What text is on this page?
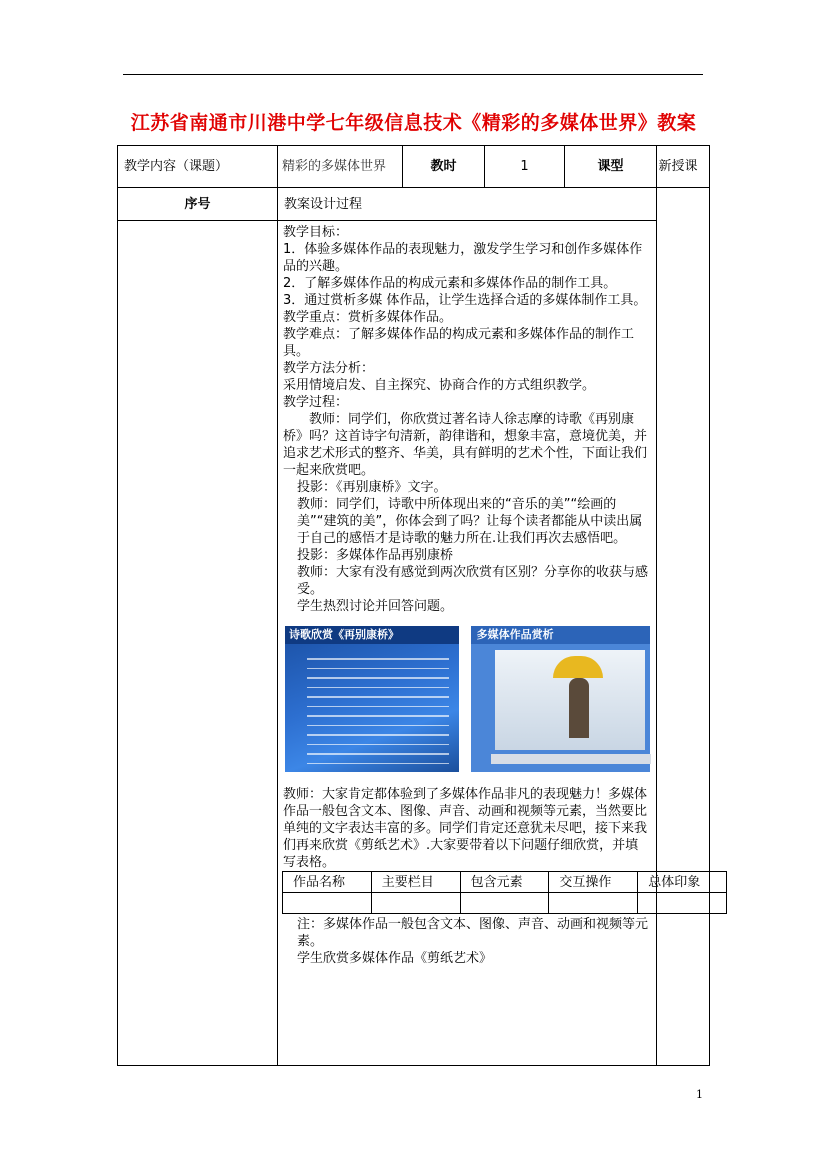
江苏省南通市川港中学七年级信息技术《精彩的多媒体世界》教案
教学内容（课题）	精彩的多媒体世界	教时	1	课型	新授课
序号	教案设计过程	

教学目标：

1．体验多媒体作品的表现魅力，激发学生学习和创作多媒体作品的兴趣。

2．了解多媒体作品的构成元素和多媒体作品的制作工具。

3．通过赏析多媒 体作品，让学生选择合适的多媒体制作工具。

教学重点：赏析多媒体作品。

教学难点：了解多媒体作品的构成元素和多媒体作品的制作工具。

教学方法分析：

采用情境启发、自主探究、协商合作的方式组织教学。

教学过程：

教师：同学们，你欣赏过著名诗人徐志摩的诗歌《再别康桥》吗？这首诗字句清新，韵律谐和，想象丰富，意境优美，并追求艺术形式的整齐、华美，具有鲜明的艺术个性，下面让我们一起来欣赏吧。

投影：《再别康桥》文字。

教师：同学们，诗歌中所体现出来的“音乐的美”“绘画的美”“建筑的美”，你体会到了吗？让每个读者都能从中读出属于自己的感悟才是诗歌的魅力所在.让我们再次去感悟吧。

投影：多媒体作品再别康桥

教师：大家有没有感觉到两次欣赏有区别？分享你的收获与感受。

学生热烈讨论并回答问题。

诗歌欣赏《再别康桥》	多媒体作品赏析

教师：大家肯定都体验到了多媒体作品非凡的表现魅力！多媒体作品一般包含文本、图像、声音、动画和视频等元素，当然要比单纯的文字表达丰富的多。同学们肯定还意犹未尽吧，接下来我们再来欣赏《剪纸艺术》.大家要带着以下问题仔细欣赏，并填写表格。

作品名称	主要栏目	包含元素	交互操作	总体印象

注：多媒体作品一般包含文本、图像、声音、动画和视频等元素。

学生欣赏多媒体作品《剪纸艺术》

1
